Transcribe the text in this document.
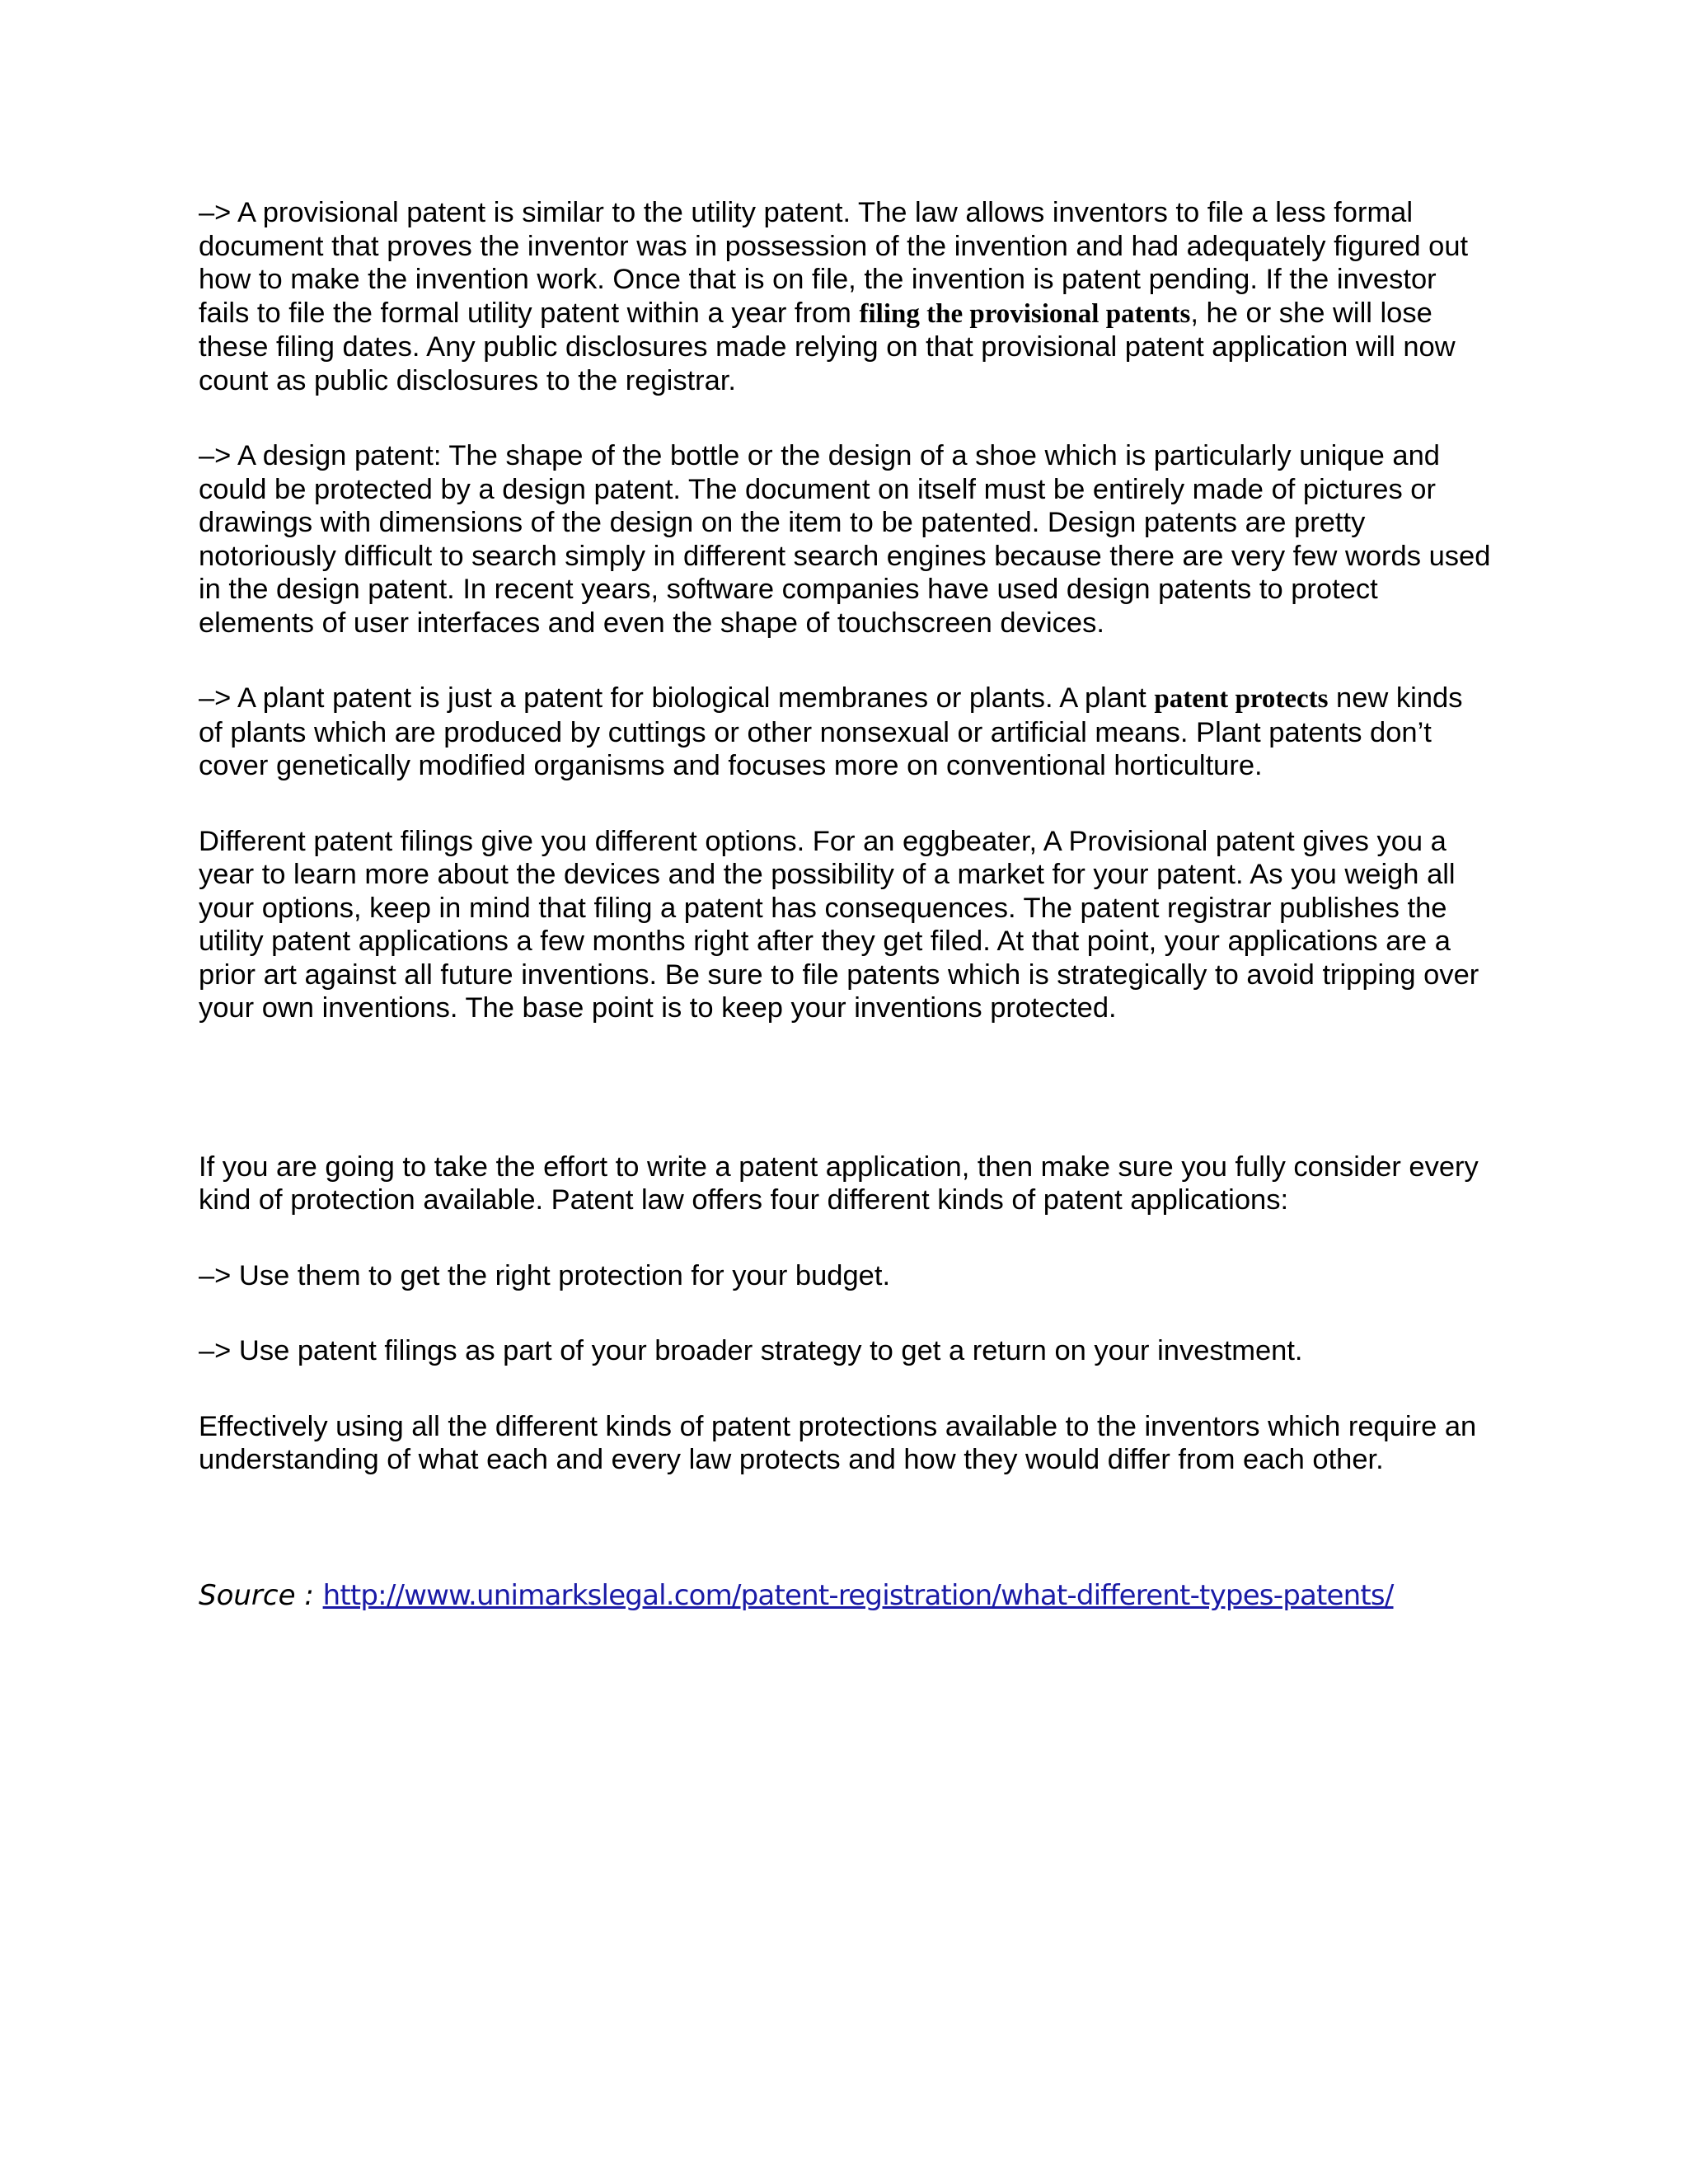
–> A provisional patent is similar to the utility patent. The law allows inventors to file a less formal document that proves the inventor was in possession of the invention and had adequately figured out how to make the invention work. Once that is on file, the invention is patent pending. If the investor fails to file the formal utility patent within a year from filing the provisional patents, he or she will lose these filing dates. Any public disclosures made relying on that provisional patent application will now count as public disclosures to the registrar.

–> A design patent: The shape of the bottle or the design of a shoe which is particularly unique and could be protected by a design patent. The document on itself must be entirely made of pictures or drawings with dimensions of the design on the item to be patented. Design patents are pretty notoriously difficult to search simply in different search engines because there are very few words used in the design patent. In recent years, software companies have used design patents to protect elements of user interfaces and even the shape of touchscreen devices.

–> A plant patent is just a patent for biological membranes or plants. A plant patent protects new kinds of plants which are produced by cuttings or other nonsexual or artificial means. Plant patents don’t cover genetically modified organisms and focuses more on conventional horticulture.

Different patent filings give you different options. For an eggbeater, A Provisional patent gives you a year to learn more about the devices and the possibility of a market for your patent. As you weigh all your options, keep in mind that filing a patent has consequences. The patent registrar publishes the utility patent applications a few months right after they get filed. At that point, your applications are a prior art against all future inventions. Be sure to file patents which is strategically to avoid tripping over your own inventions. The base point is to keep your inventions protected.

If you are going to take the effort to write a patent application, then make sure you fully consider every kind of protection available. Patent law offers four different kinds of patent applications:

–> Use them to get the right protection for your budget.

–> Use patent filings as part of your broader strategy to get a return on your investment.

Effectively using all the different kinds of patent protections available to the inventors which require an understanding of what each and every law protects and how they would differ from each other.

Source : http://www.unimarkslegal.com/patent-registration/what-different-types-patents/
